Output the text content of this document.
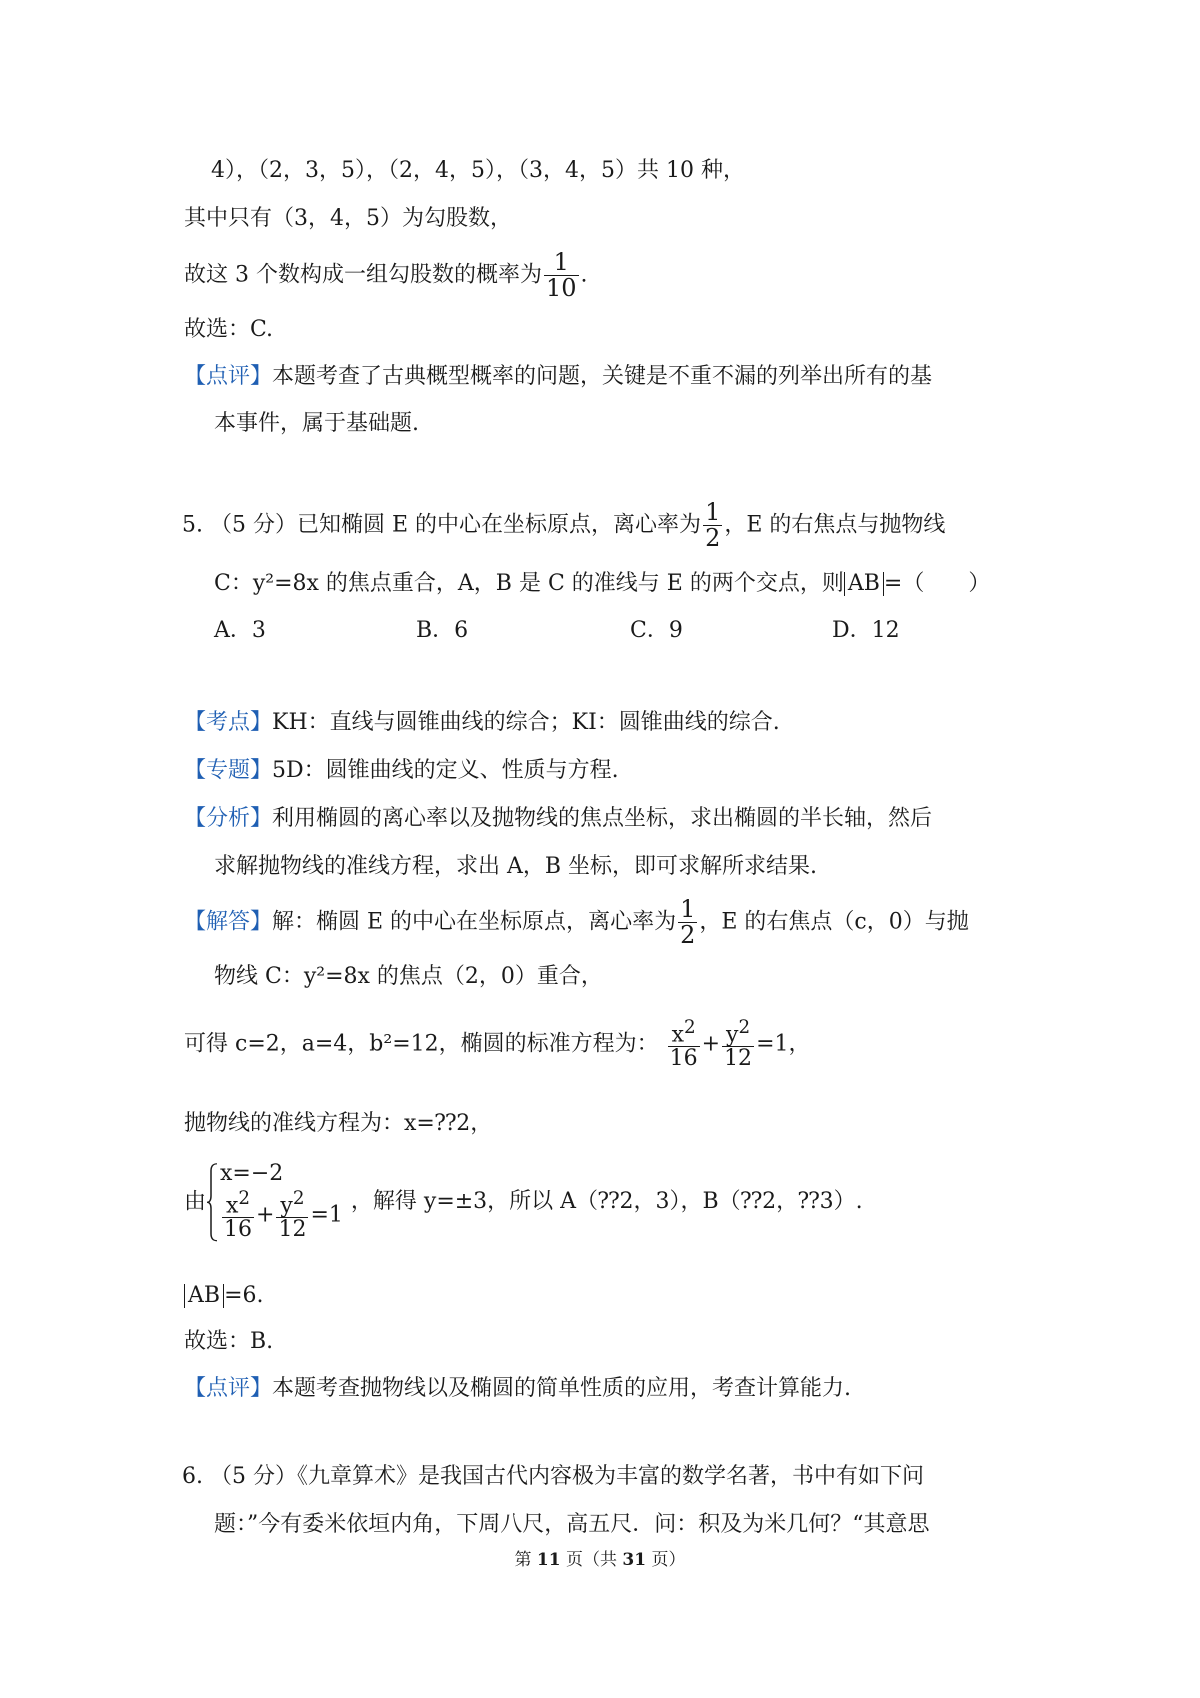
4），（2，3，5），（2，4，5），（3，4，5）共 10 种，
其中只有（3，4，5）为勾股数，
故这 3 个数构成一组勾股数的概率为 $\frac{1}{10}$ .
故选：C.
【点评】本题考查了古典概型概率的问题，关键是不重不漏的列举出所有的基
本事件，属于基础题.
5. （5 分）已知椭圆 E 的中心在坐标原点，离心率为 $\frac{1}{2}$ ，E 的右焦点与抛物线
C：y²=8x 的焦点重合，A，B 是 C 的准线与 E 的两个交点，则 AB =（　　）
A．3	B．6	C．9	D．12
【考点】KH：直线与圆锥曲线的综合；KI：圆锥曲线的综合.
【专题】5D：圆锥曲线的定义、性质与方程.
【分析】利用椭圆的离心率以及抛物线的焦点坐标，求出椭圆的半长轴，然后
求解抛物线的准线方程，求出 A，B 坐标，即可求解所求结果.
【解答】解：椭圆 E 的中心在坐标原点，离心率为 $\frac{1}{2}$ ，E 的右焦点（c，0）与抛
物线 C：y²=8x 的焦点（2，0）重合，
可得 c=2，a=4，b²=12，椭圆的标准方程为： $\frac{x^2}{16} + \frac{y^2}{12} =1$，
抛物线的准线方程为：x=⁇2，
由
x=−2
$\frac{x^2}{16} + \frac{y^2}{12} =1$
，解得 y=±3，所以 A（⁇2，3），B（⁇2，⁇3）.
AB =6.
故选：B.
【点评】本题考查抛物线以及椭圆的简单性质的应用，考查计算能力.
6. （5 分）《九章算术》是我国古代内容极为丰富的数学名著，书中有如下问
题：”今有委米依垣内角，下周八尺，高五尺．问：积及为米几何？“其意思
第 11 页（共 31 页）
